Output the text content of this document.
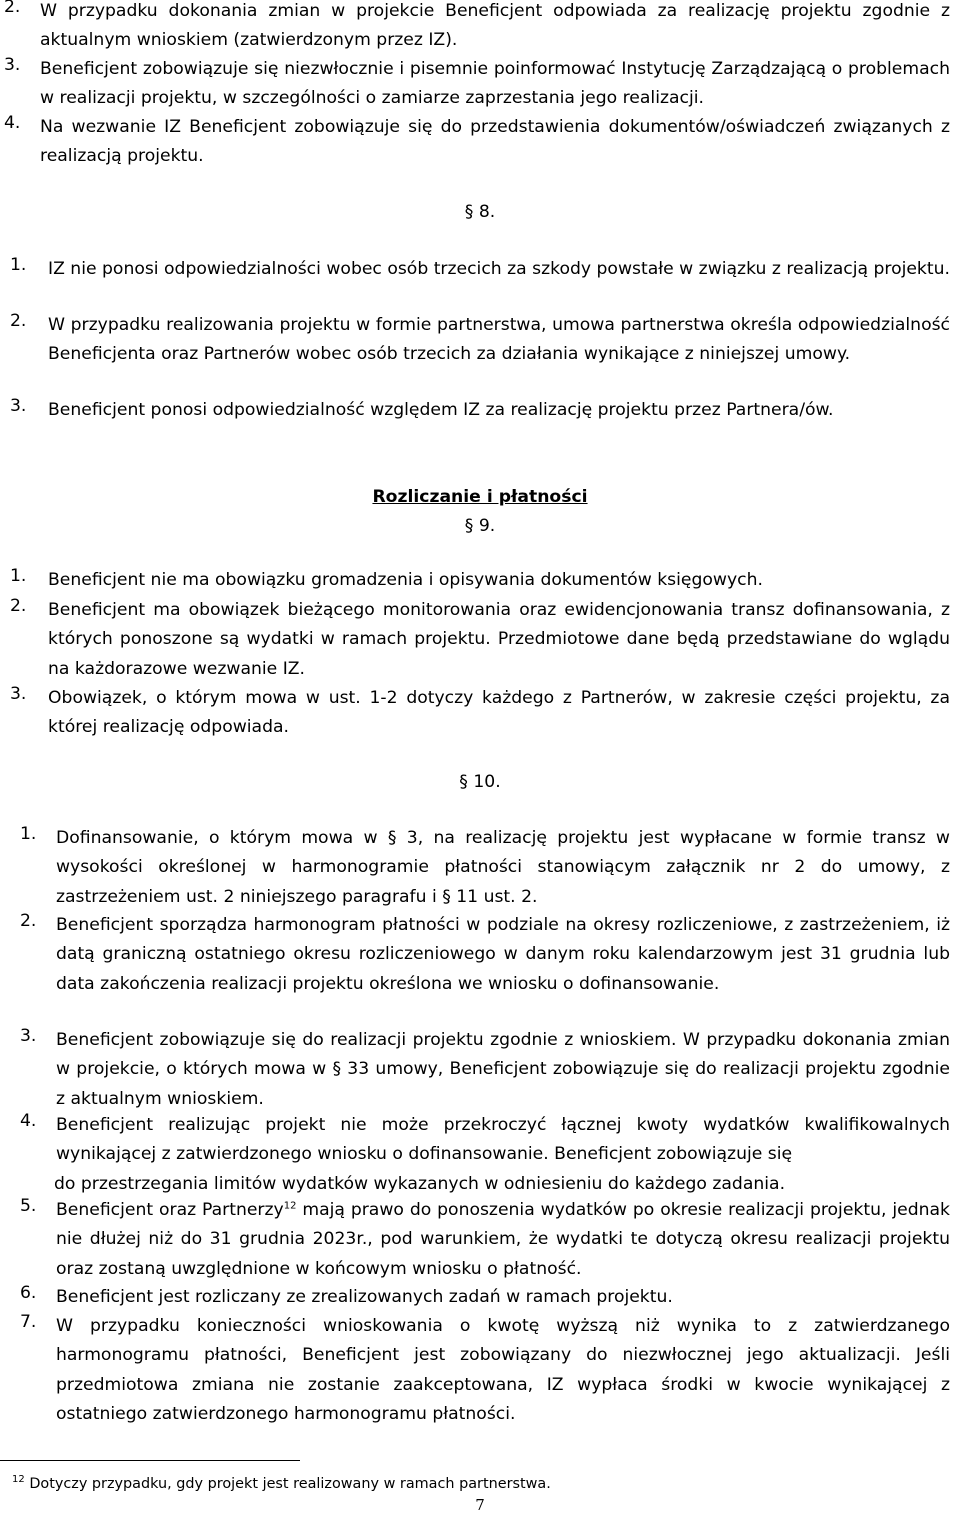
2. W przypadku dokonania zmian w projekcie Beneficjent odpowiada za realizację projektu zgodnie z aktualnym wnioskiem (zatwierdzonym przez IZ).

3. Beneficjent zobowiązuje się niezwłocznie i pisemnie poinformować Instytucję Zarządzającą o problemach w realizacji projektu, w szczególności o zamiarze zaprzestania jego realizacji.

4. Na wezwanie IZ Beneficjent zobowiązuje się do przedstawienia dokumentów/oświadczeń związanych z realizacją projektu.

§ 8.
1. IZ nie ponosi odpowiedzialności wobec osób trzecich za szkody powstałe w związku z realizacją projektu.

2. W przypadku realizowania projektu w formie partnerstwa, umowa partnerstwa określa odpowiedzialność Beneficjenta oraz Partnerów wobec osób trzecich za działania wynikające z niniejszej umowy.

3. Beneficjent ponosi odpowiedzialność względem IZ za realizację projektu przez Partnera/ów.

Rozliczanie i płatności
§ 9.
1. Beneficjent nie ma obowiązku gromadzenia i opisywania dokumentów księgowych.

2. Beneficjent ma obowiązek bieżącego monitorowania oraz ewidencjonowania transz dofinansowania, z których ponoszone są wydatki w ramach projektu. Przedmiotowe dane będą przedstawiane do wglądu na każdorazowe wezwanie IZ.

3. Obowiązek, o którym mowa w ust. 1-2 dotyczy każdego z Partnerów, w zakresie części projektu, za której realizację odpowiada.

§ 10.
1. Dofinansowanie, o którym mowa w § 3, na realizację projektu jest wypłacane w formie transz w wysokości określonej w harmonogramie płatności stanowiącym załącznik nr 2 do umowy, z zastrzeżeniem ust. 2 niniejszego paragrafu i § 11 ust. 2.

2. Beneficjent sporządza harmonogram płatności w podziale na okresy rozliczeniowe, z zastrzeżeniem, iż datą graniczną ostatniego okresu rozliczeniowego w danym roku kalendarzowym jest 31 grudnia lub data zakończenia realizacji projektu określona we wniosku o dofinansowanie.

3. Beneficjent zobowiązuje się do realizacji projektu zgodnie z wnioskiem. W przypadku dokonania zmian w projekcie, o których mowa w § 33 umowy, Beneficjent zobowiązuje się do realizacji projektu zgodnie z aktualnym wnioskiem.

4. Beneficjent realizując projekt nie może przekroczyć łącznej kwoty wydatków kwalifikowalnych wynikającej z zatwierdzonego wniosku o dofinansowanie. Beneficjent zobowiązuje się

do przestrzegania limitów wydatków wykazanych w odniesieniu do każdego zadania.

5. Beneficjent oraz Partnerzy$^{12}$ mają prawo do ponoszenia wydatków po okresie realizacji projektu, jednak nie dłużej niż do 31 grudnia 2023r., pod warunkiem, że wydatki te dotyczą okresu realizacji projektu oraz zostaną uwzględnione w końcowym wniosku o płatność.

6. Beneficjent jest rozliczany ze zrealizowanych zadań w ramach projektu.

7. W przypadku konieczności wnioskowania o kwotę wyższą niż wynika to z zatwierdzanego harmonogramu płatności, Beneficjent jest zobowiązany do niezwłocznej jego aktualizacji. Jeśli przedmiotowa zmiana nie zostanie zaakceptowana, IZ wypłaca środki w kwocie wynikającej z ostatniego zatwierdzonego harmonogramu płatności.

$^{12}$ Dotyczy przypadku, gdy projekt jest realizowany w ramach partnerstwa.
7
